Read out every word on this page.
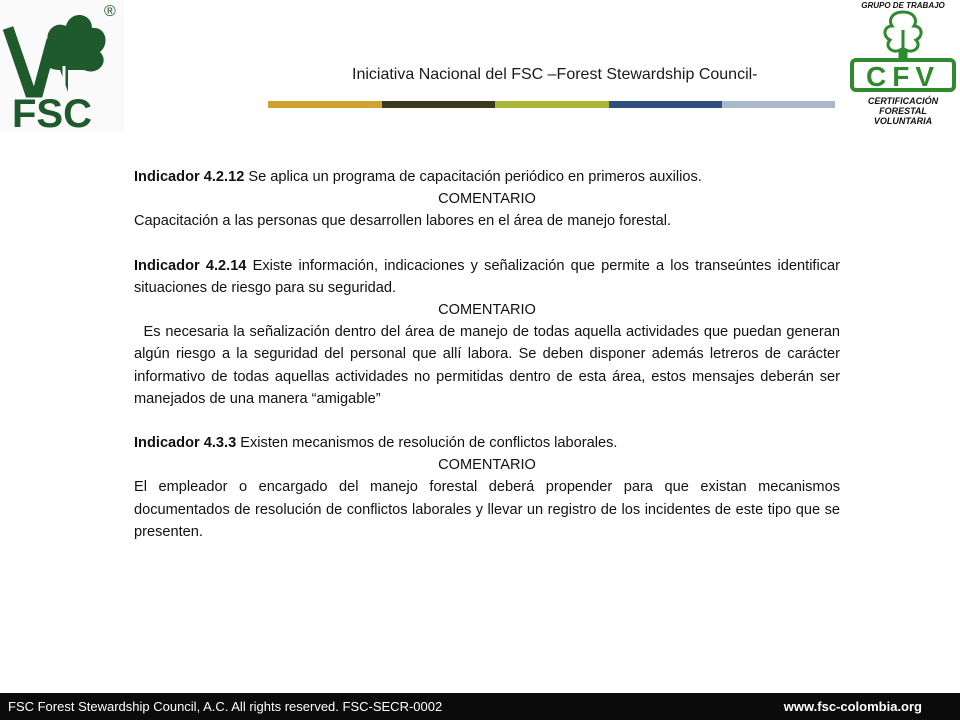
®
FSC
GRUPO DE TRABAJO
CFV
CERTIFICACIÓN
FORESTAL
VOLUNTARIA
Iniciativa Nacional del FSC –Forest Stewardship Council-

Indicador 4.2.12 Se aplica un programa de capacitación periódico en primeros auxilios.

COMENTARIO

Capacitación a las personas que desarrollen labores en el área de manejo forestal.

Indicador 4.2.14 Existe información, indicaciones y señalización que permite a los transeúntes identificar situaciones de riesgo para su seguridad.

COMENTARIO

Es necesaria la señalización dentro del área de manejo de todas aquella actividades que puedan generan algún riesgo a la seguridad del personal que allí labora. Se deben disponer además letreros de carácter informativo de todas aquellas actividades no permitidas dentro de esta área, estos mensajes deberán ser manejados de una manera “amigable”

Indicador 4.3.3 Existen mecanismos de resolución de conflictos laborales.

COMENTARIO

El empleador o encargado del manejo forestal deberá propender para que existan mecanismos documentados de resolución de conflictos laborales y llevar un registro de los incidentes de este tipo que se presenten.

FSC Forest Stewardship Council, A.C. All rights reserved. FSC-SECR-0002	www.fsc-colombia.org
